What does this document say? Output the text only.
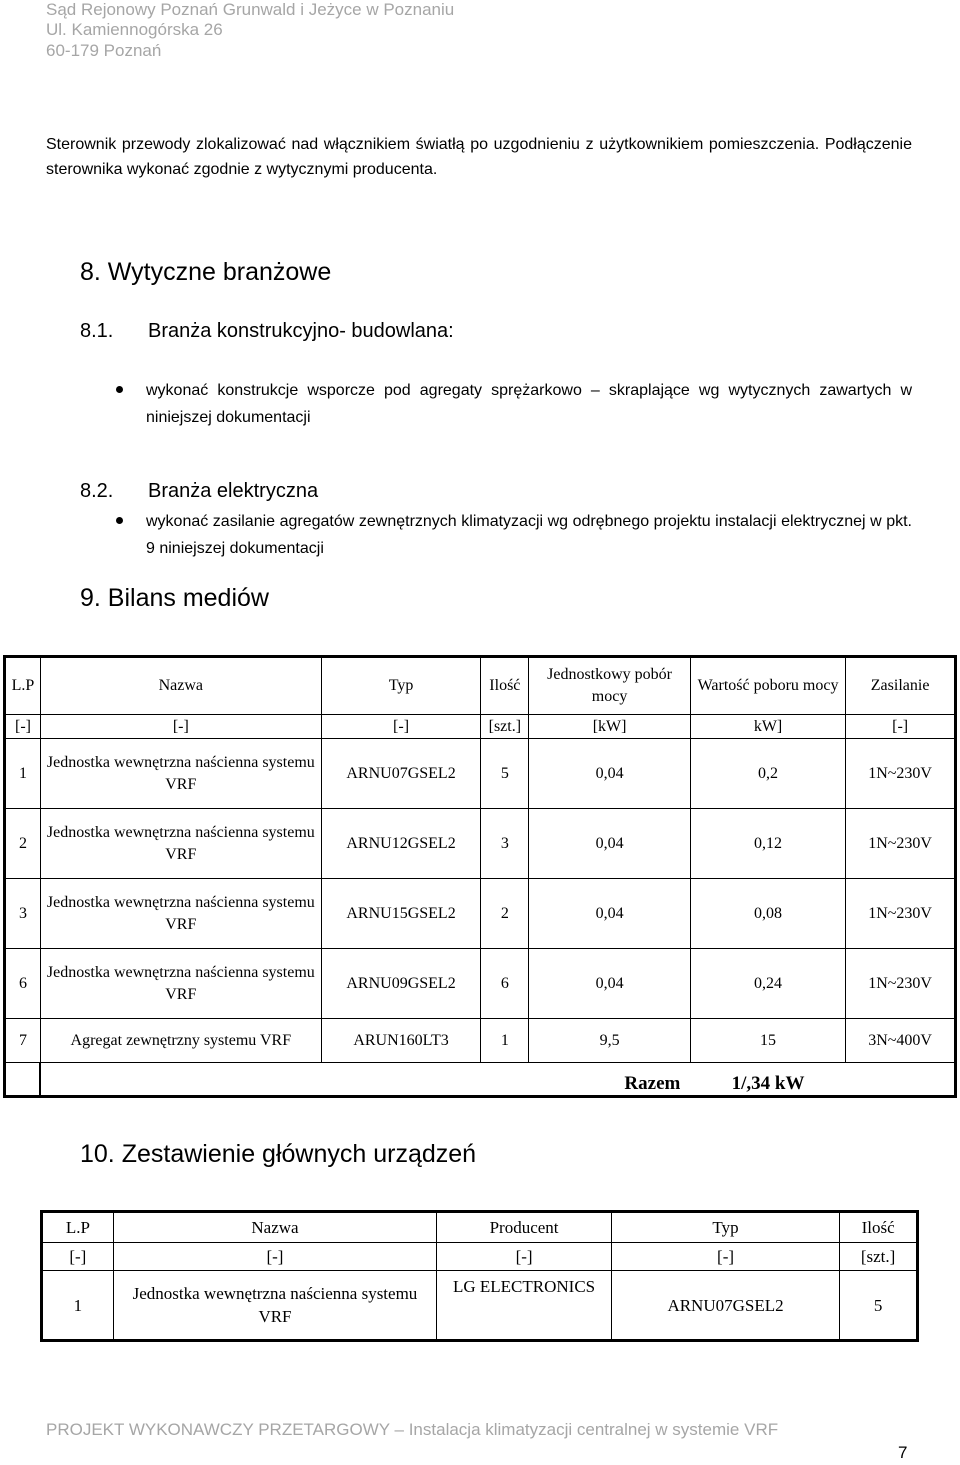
Sąd Rejonowy Poznań Grunwald i Jeżyce w Poznaniu
Ul. Kamiennogórska 26
60-179 Poznań
Sterownik przewody zlokalizować nad włącznikiem światłą po uzgodnieniu z użytkownikiem pomieszczenia. Podłączenie sterownika wykonać zgodnie z wytycznymi producenta.
8. Wytyczne branżowe
8.1. Branża konstrukcyjno- budowlana:
wykonać konstrukcje wsporcze pod agregaty sprężarkowo – skraplające wg wytycznych zawartych w niniejszej dokumentacji
8.2. Branża elektryczna
wykonać zasilanie agregatów zewnętrznych klimatyzacji wg odrębnego projektu instalacji elektrycznej w pkt. 9 niniejszej dokumentacji
9. Bilans mediów
L.P	Nazwa	Typ	Ilość	Jednostkowy pobór mocy	Wartość poboru mocy	Zasilanie
[-]	[-]	[-]	[szt.]	[kW]	kW]	[-]
1	Jednostka wewnętrzna naścienna systemu VRF	ARNU07GSEL2	5	0,04	0,2	1N~230V
2	Jednostka wewnętrzna naścienna systemu VRF	ARNU12GSEL2	3	0,04	0,12	1N~230V
3	Jednostka wewnętrzna naścienna systemu VRF	ARNU15GSEL2	2	0,04	0,08	1N~230V
6	Jednostka wewnętrzna naścienna systemu VRF	ARNU09GSEL2	6	0,04	0,24	1N~230V
7	Agregat zewnętrzny systemu VRF	ARUN160LT3	1	9,5	15	3N~400V
				Razem	1/,34 kW	
10. Zestawienie głównych urządzeń
L.P	Nazwa	Producent	Typ	Ilość
[-]	[-]	[-]	[-]	[szt.]
1	Jednostka wewnętrzna naścienna systemu VRF	LG ELECTRONICS	ARNU07GSEL2	5
PROJEKT WYKONAWCZY PRZETARGOWY – Instalacja klimatyzacji centralnej w systemie VRF
7
